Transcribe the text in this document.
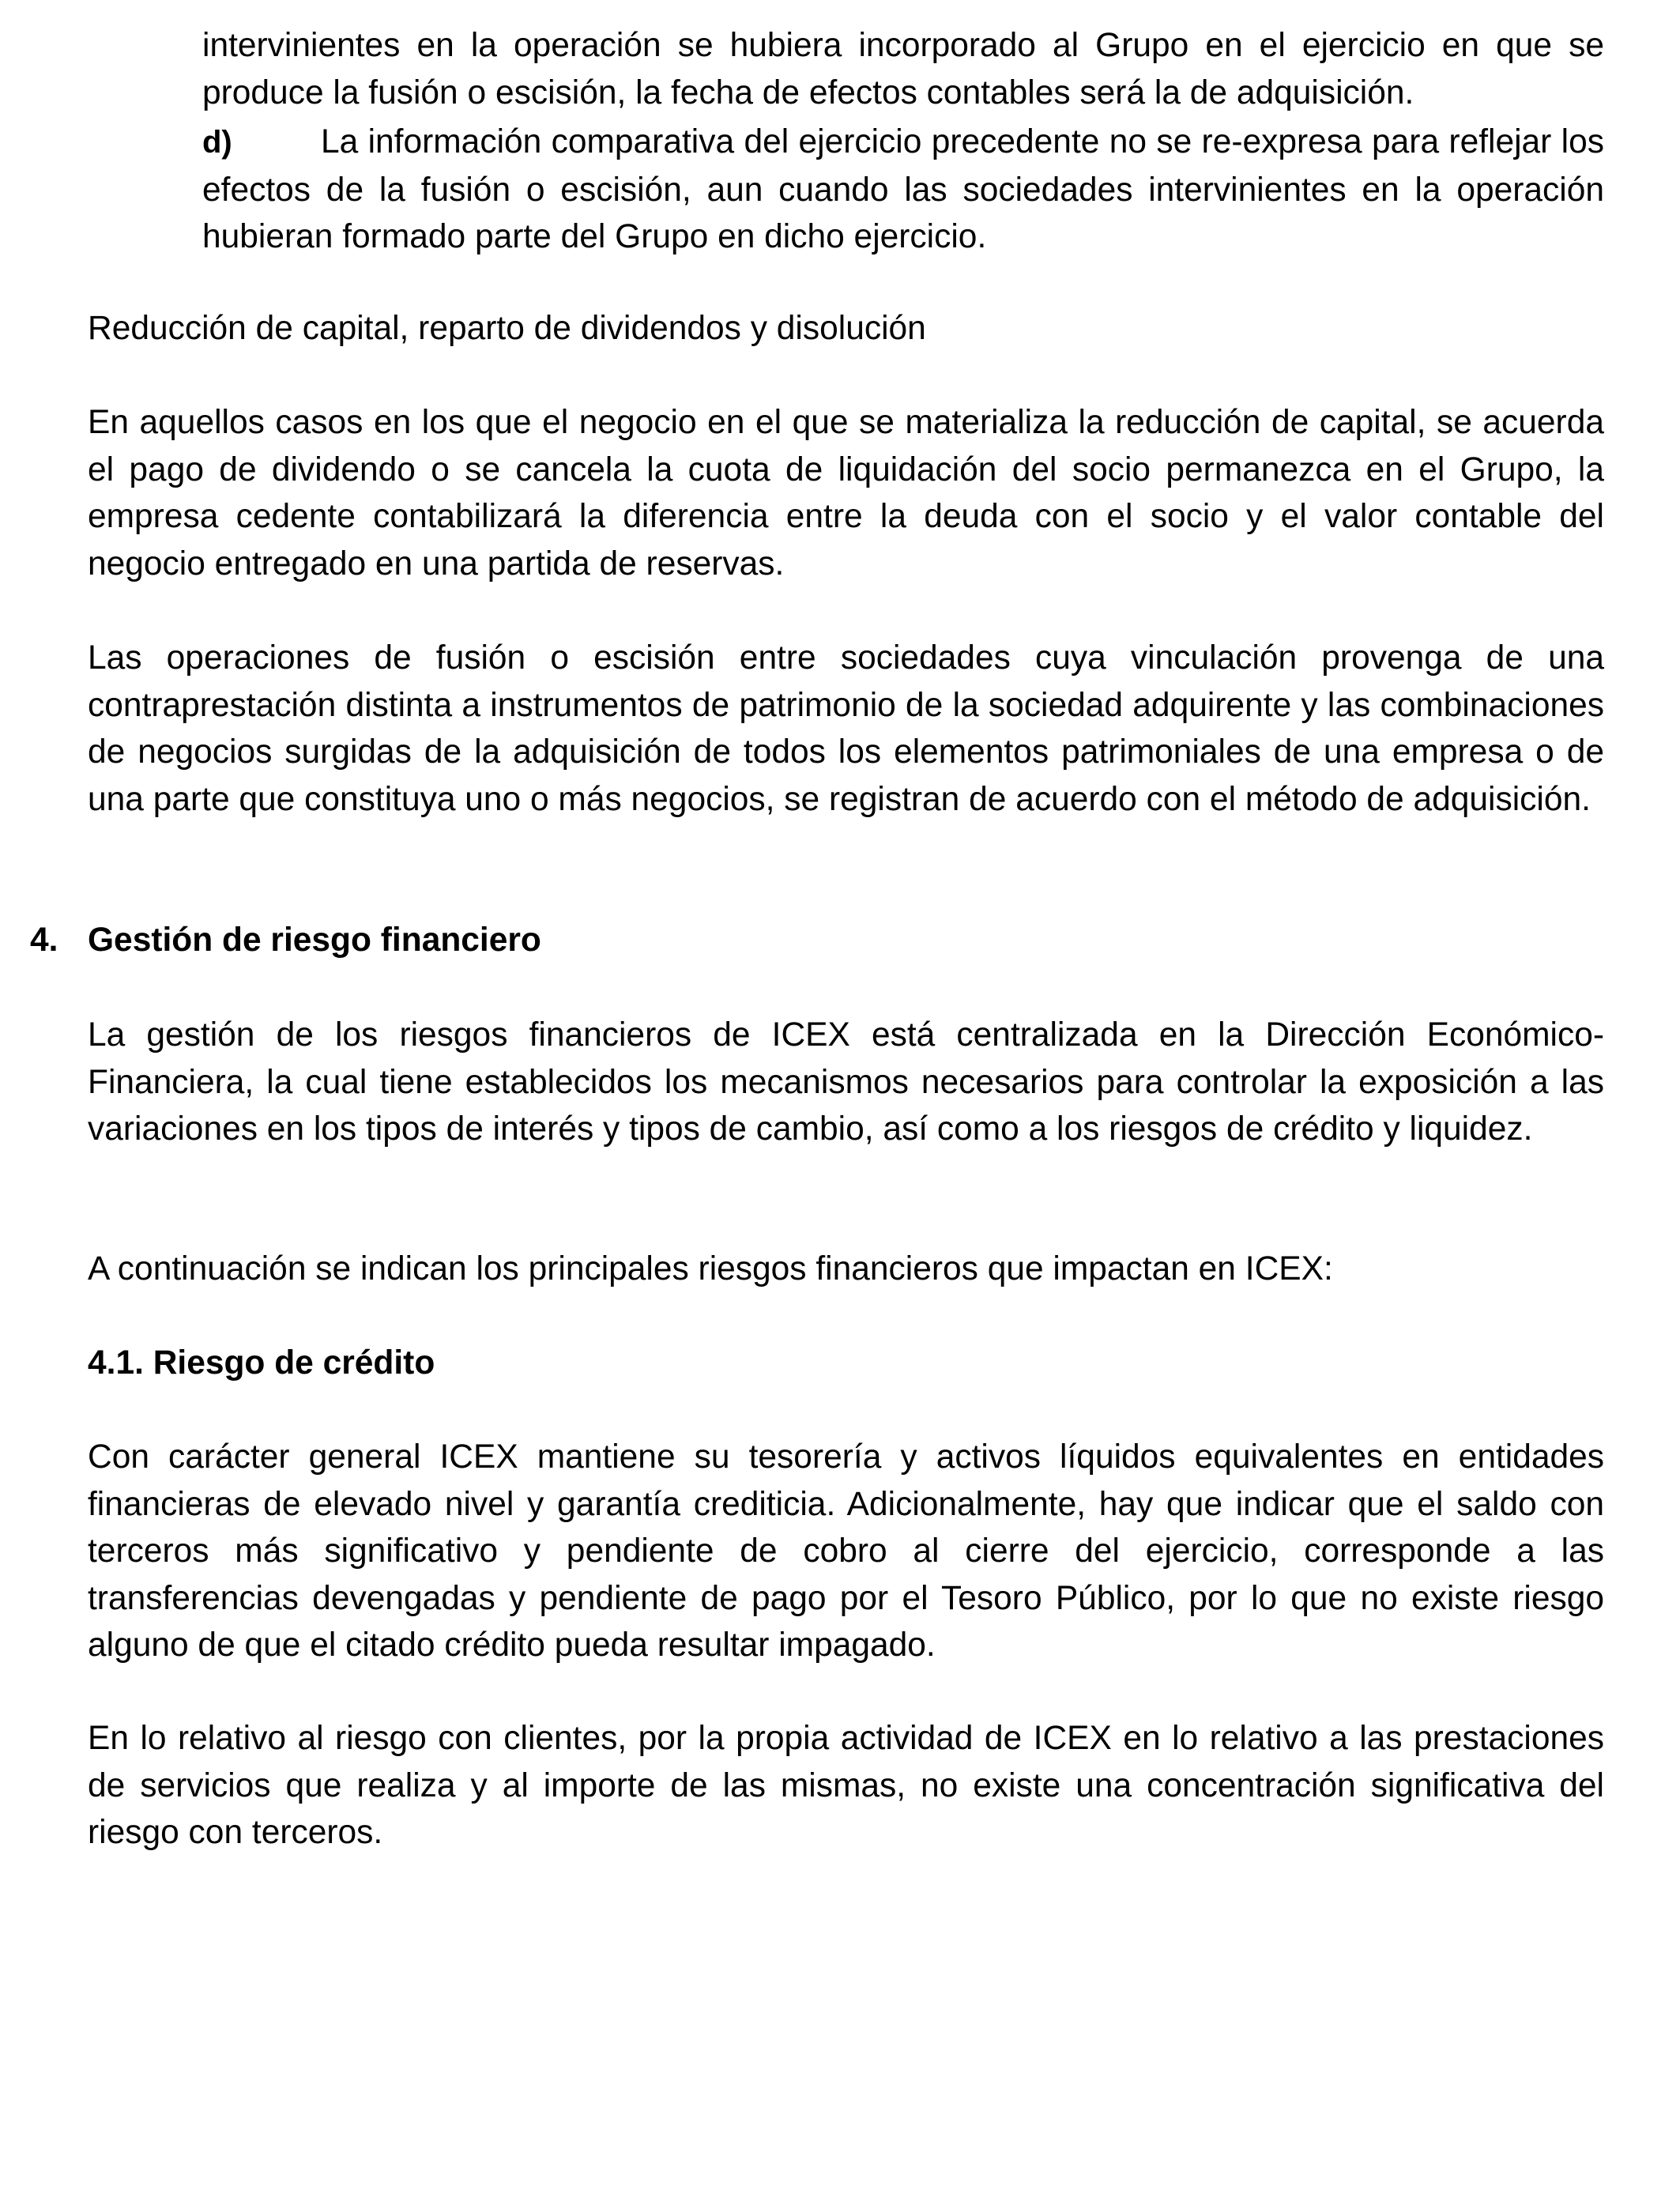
intervinientes en la operación se hubiera incorporado al Grupo en el ejercicio en que se produce la fusión o escisión, la fecha de efectos contables será la de adquisición.

d)	La información comparativa del ejercicio precedente no se re-expresa para reflejar los efectos de la fusión o escisión, aun cuando las sociedades intervinientes en la operación hubieran formado parte del Grupo en dicho ejercicio.

Reducción de capital, reparto de dividendos y disolución

En aquellos casos en los que el negocio en el que se materializa la reducción de capital, se acuerda el pago de dividendo o se cancela la cuota de liquidación del socio permanezca en el Grupo, la empresa cedente contabilizará la diferencia entre la deuda con el socio y el valor contable del negocio entregado en una partida de reservas.

Las operaciones de fusión o escisión entre sociedades cuya vinculación provenga de una contraprestación distinta a instrumentos de patrimonio de la sociedad adquirente y las combinaciones de negocios surgidas de la adquisición de todos los elementos patrimoniales de una empresa o de una parte que constituya uno o más negocios, se registran de acuerdo con el método de adquisición.

4. Gestión de riesgo financiero

La gestión de los riesgos financieros de ICEX está centralizada en la Dirección Económico-Financiera, la cual tiene establecidos los mecanismos necesarios para controlar la exposición a las variaciones en los tipos de interés y tipos de cambio, así como a los riesgos de crédito y liquidez.

A continuación se indican los principales riesgos financieros que impactan en ICEX:

4.1. Riesgo de crédito

Con carácter general ICEX mantiene su tesorería y activos líquidos equivalentes en entidades financieras de elevado nivel y garantía crediticia. Adicionalmente, hay que indicar que el saldo con terceros más significativo y pendiente de cobro al cierre del ejercicio, corresponde a las transferencias devengadas y pendiente de pago por el Tesoro Público, por lo que no existe riesgo alguno de que el citado crédito pueda resultar impagado.

En lo relativo al riesgo con clientes, por la propia actividad de ICEX en lo relativo a las prestaciones de servicios que realiza y al importe de las mismas, no existe una concentración significativa del riesgo con terceros.
